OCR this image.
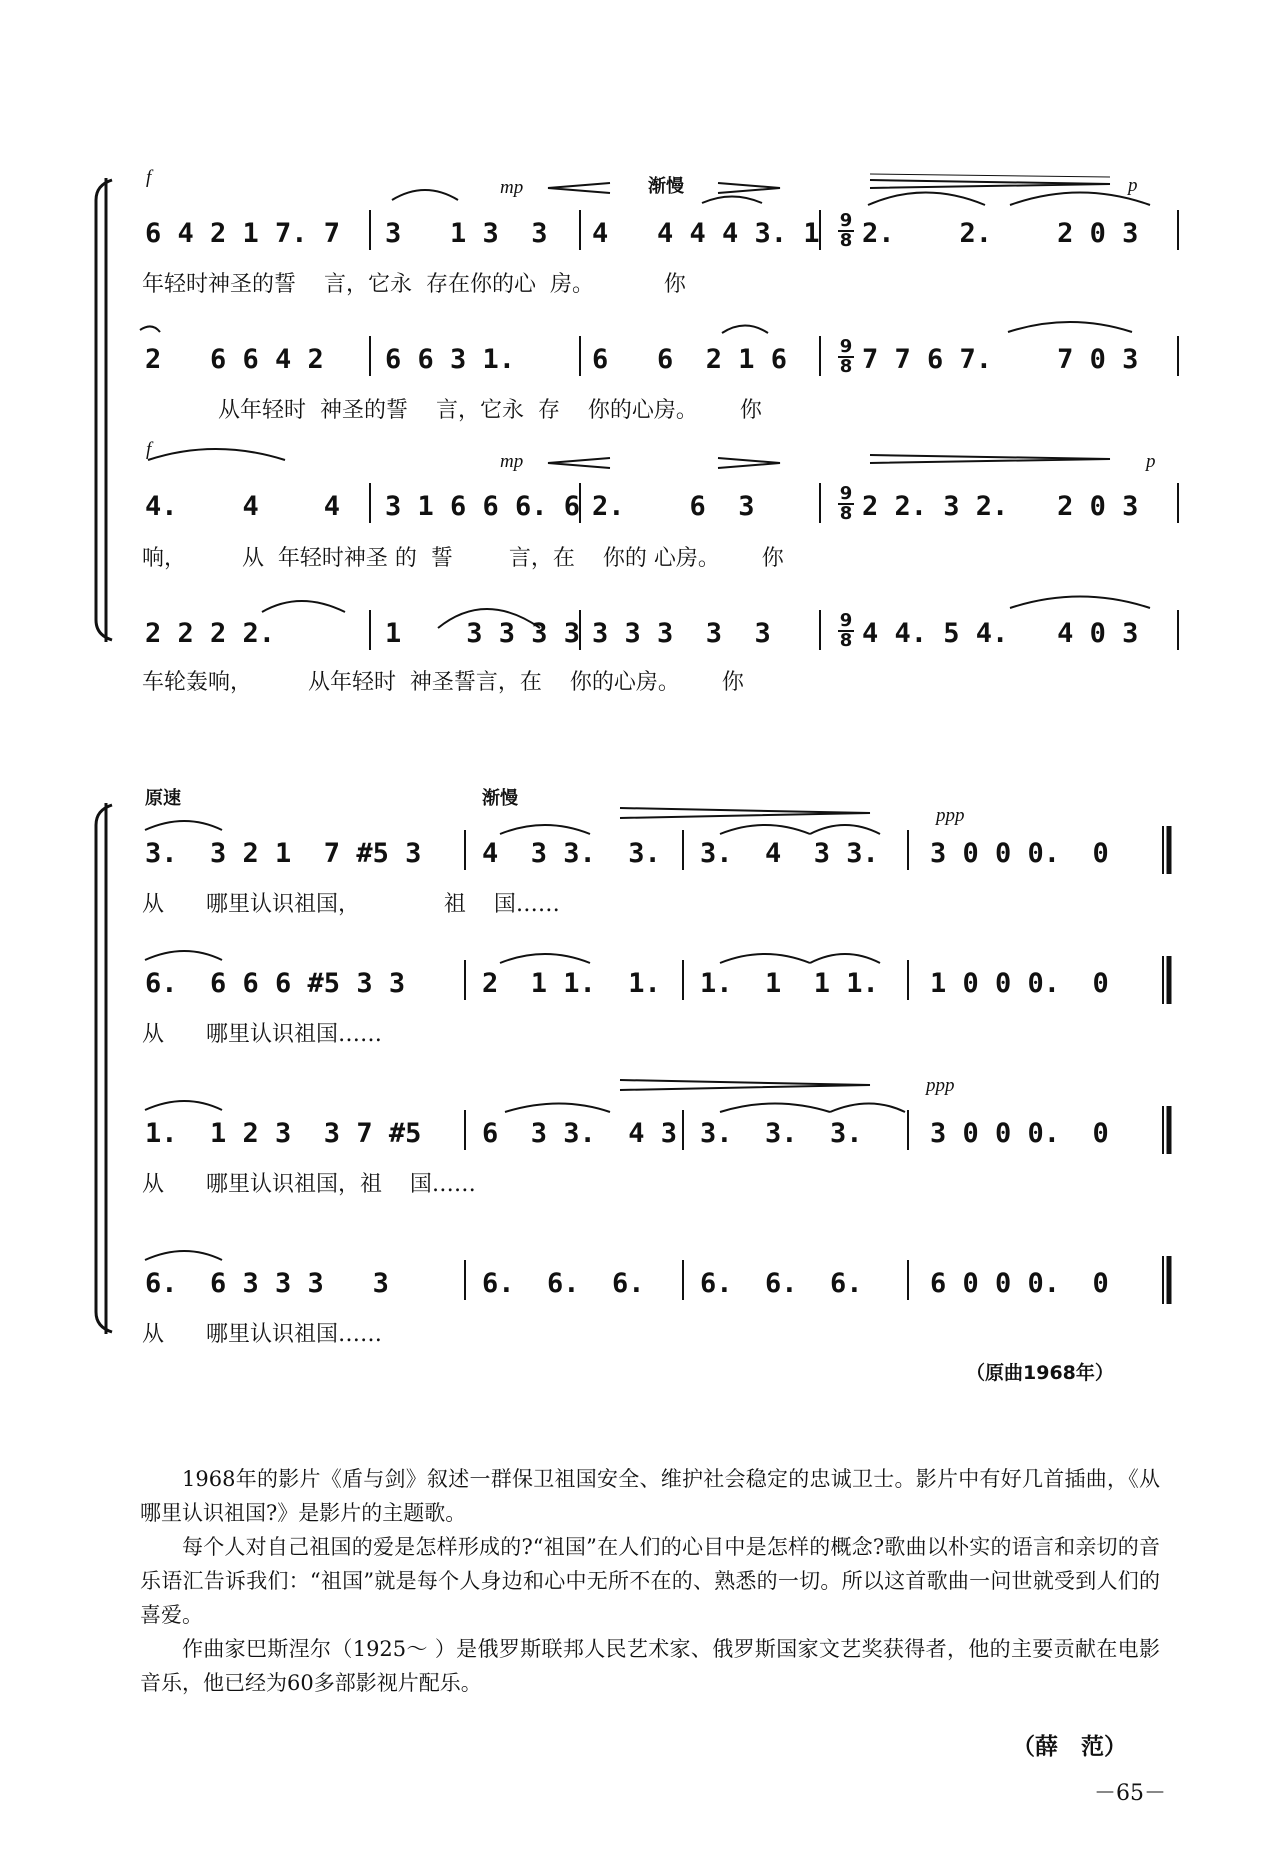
f	mp	渐慢	p
$\frac{9}{8}$
$\frac{9}{8}$
$\frac{9}{8}$
$\frac{9}{8}$
6 4 2 1 7. 7 3   1 3  3 4   4 4 4 3. 1 2.    2.    2 0 3
年轻时神圣的誓    言，它永  存在你的心  房。          你
2   6 6 4 2 6 6 3 1.	6   6  2 1 6	7 7 6 7.    7 0 3
从年轻时  神圣的誓    言，它永  存    你的心房。      你
f
mp	p
4.    4    4 3 1 6 6 6. 6 2.    6  3	2 2. 3 2.   2 0 3
响，        从  年轻时神圣 的  誓        言，在    你的 心房。      你
2 2 2 2.	1    3 3 3 3 3 3 3  3  3	4 4. 5 4.   4 0 3
车轮轰响，        从年轻时  神圣誓言，在    你的心房。      你
原速	渐慢
ppp
3.  3 2 1  7 #5 3 4  3 3.  3. 3.  4  3 3. 3 0 0 0.  0
从      哪里认识祖国，            祖    国……
6.  6 6 6 #5 3 3	2  1 1.  1. 1.  1  1 1. 1 0 0 0.  0
从      哪里认识祖国……
ppp
1.  1 2 3  3 7 #5 6  3 3.  4 3 3.  3.  3. 3 0 0 0.  0
从      哪里认识祖国，祖    国……
6.  6 3 3 3   3	6.  6.  6. 6.  6.  6. 6 0 0 0.  0
从      哪里认识祖国……
（原曲1968年）

1968年的影片《盾与剑》叙述一群保卫祖国安全、维护社会稳定的忠诚卫士。影片中有好几首插曲，《从哪里认识祖国?》是影片的主题歌。

每个人对自己祖国的爱是怎样形成的?“祖国”在人们的心目中是怎样的概念?歌曲以朴实的语言和亲切的音乐语汇告诉我们：“祖国”就是每个人身边和心中无所不在的、熟悉的一切。所以这首歌曲一问世就受到人们的喜爱。

作曲家巴斯涅尔（1925～ ）是俄罗斯联邦人民艺术家、俄罗斯国家文艺奖获得者，他的主要贡献在电影音乐，他已经为60多部影视片配乐。

（薛　范）
－65－
